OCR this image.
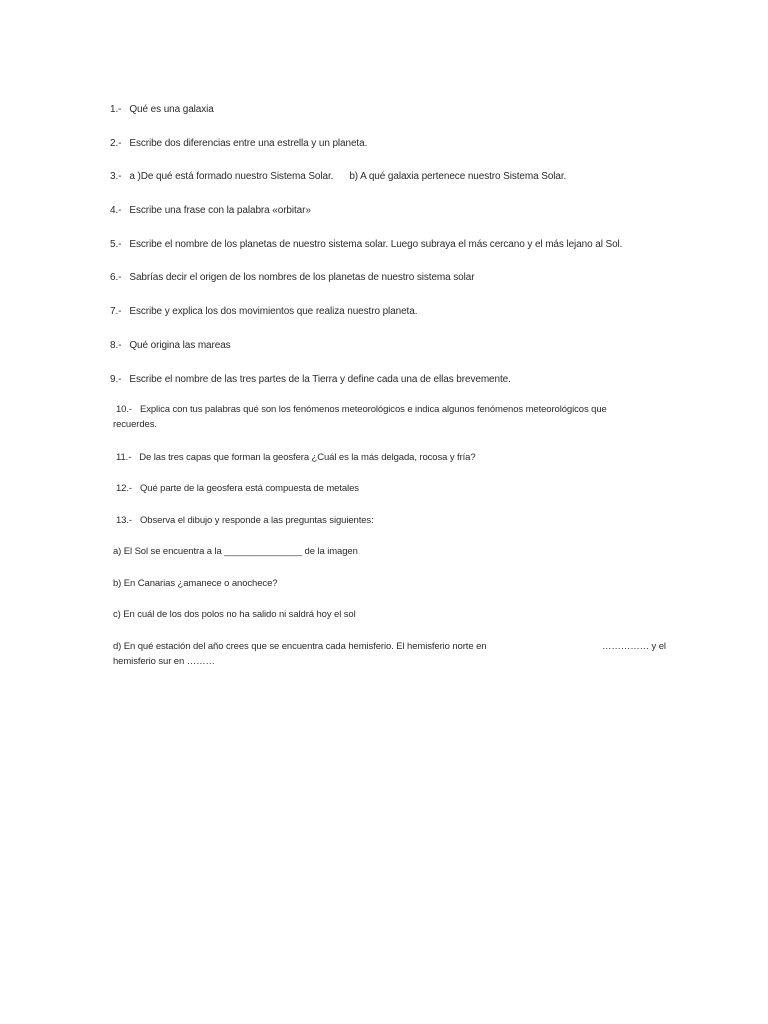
1.- Qué es una galaxia
2.- Escribe dos diferencias entre una estrella y un planeta.
3.- a )De qué está formado nuestro Sistema Solar. b) A qué galaxia pertenece nuestro Sistema Solar.
4.- Escribe una frase con la palabra «orbitar»
5.- Escribe el nombre de los planetas de nuestro sistema solar. Luego subraya el más cercano y el más lejano al Sol.
6.- Sabrías decir el origen de los nombres de los planetas de nuestro sistema solar
7.- Escribe y explica los dos movimientos que realiza nuestro planeta.
8.- Qué origina las mareas
9.- Escribe el nombre de las tres partes de la Tierra y define cada una de ellas brevemente.
10.- Explica con tus palabras qué son los fenómenos meteorológicos e indica algunos fenómenos meteorológicos que
recuerdes.
11.- De las tres capas que forman la geosfera ¿Cuál es la más delgada, rocosa y fría?
12.- Qué parte de la geosfera está compuesta de metales
13.- Observa el dibujo y responde a las preguntas siguientes:
a) El Sol se encuentra a la _______________ de la imagen
b) En Canarias ¿amanece o anochece?
c) En cuál de los dos polos no ha salido ni saldrá hoy el sol
d) En qué estación del año crees que se encuentra cada hemisferio. El hemisferio norte en	…………… y el
hemisferio sur en ………
